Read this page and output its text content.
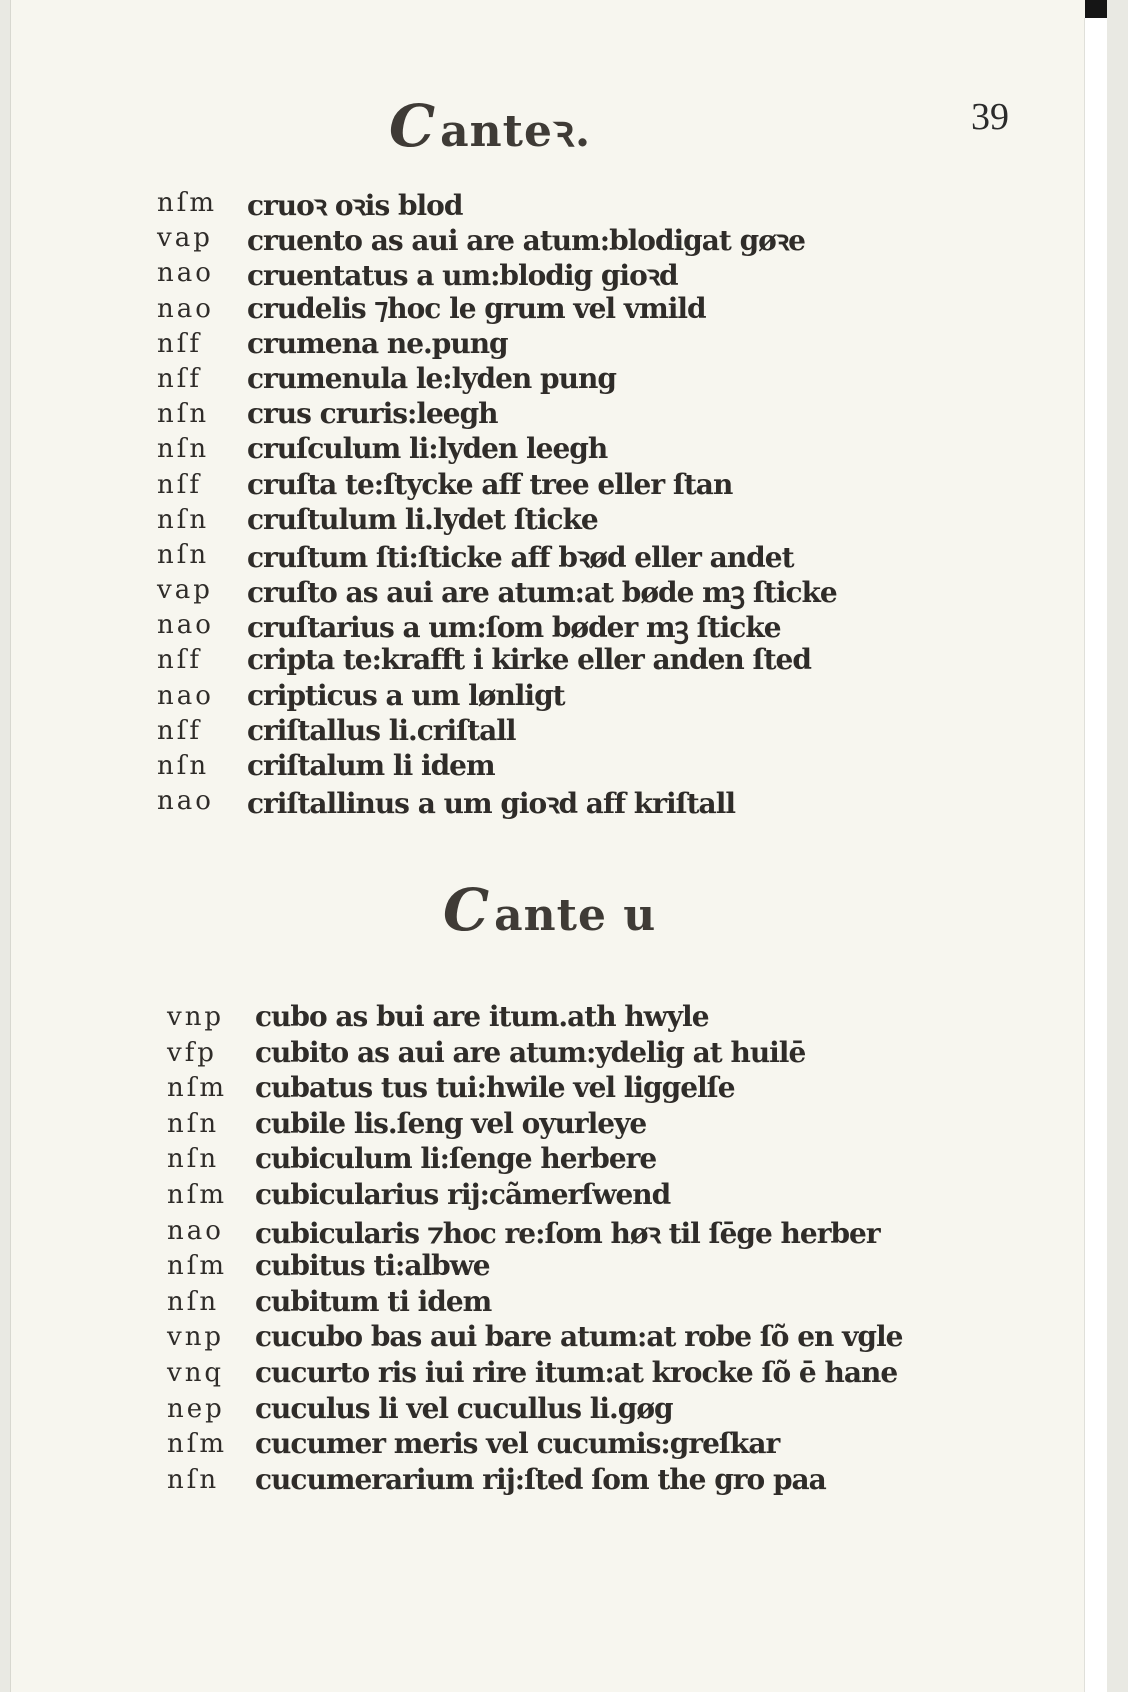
Canteꝛ.	39
nſm cruoꝛ oꝛis blod
vap cruento as aui are atum:blodigat gøꝛe
nao cruentatus a um:blodig gioꝛd
nao crudelis ⁊hoc le grum vel vmild
nſf crumena ne.pung
nſf crumenula le:lyden pung
nſn crus cruris:leegh
nſn cruſculum li:lyden leegh
nſf cruſta te:ſtycke aff tree eller ſtan
nſn cruſtulum li.lydet ſticke
nſn cruſtum ſti:ſticke aff bꝛød eller andet
vap cruſto as aui are atum:at bøde mꝫ ſticke
nao cruſtarius a um:ſom bøder mꝫ ſticke
nſf cripta te:krafft i kirke eller anden ſted
nao cripticus a um lønligt
nſf criſtallus li.criſtall
nſn criſtalum li idem
nao criſtallinus a um gioꝛd aff kriſtall
Cante u
vnp cubo as bui are itum.ath hwyle
vfp cubito as aui are atum:ydelig at huilē
nſm cubatus tus tui:hwile vel liggelſe
nſn cubile lis.ſeng vel oyurleye
nſn cubiculum li:ſenge herbere
nſm cubicularius rij:cãmerſwend
nao cubicularis ⁊hoc re:ſom høꝛ til ſēge herber
nſm cubitus ti:albwe
nſn cubitum ti idem
vnp cucubo bas aui bare atum:at robe ſõ en vgle
vnq cucurto ris iui rire itum:at krocke ſõ ē hane
nep cuculus li vel cucullus li.gøg
nſm cucumer meris vel cucumis:greſkar
nſn cucumerarium rij:ſted ſom the gro paa
